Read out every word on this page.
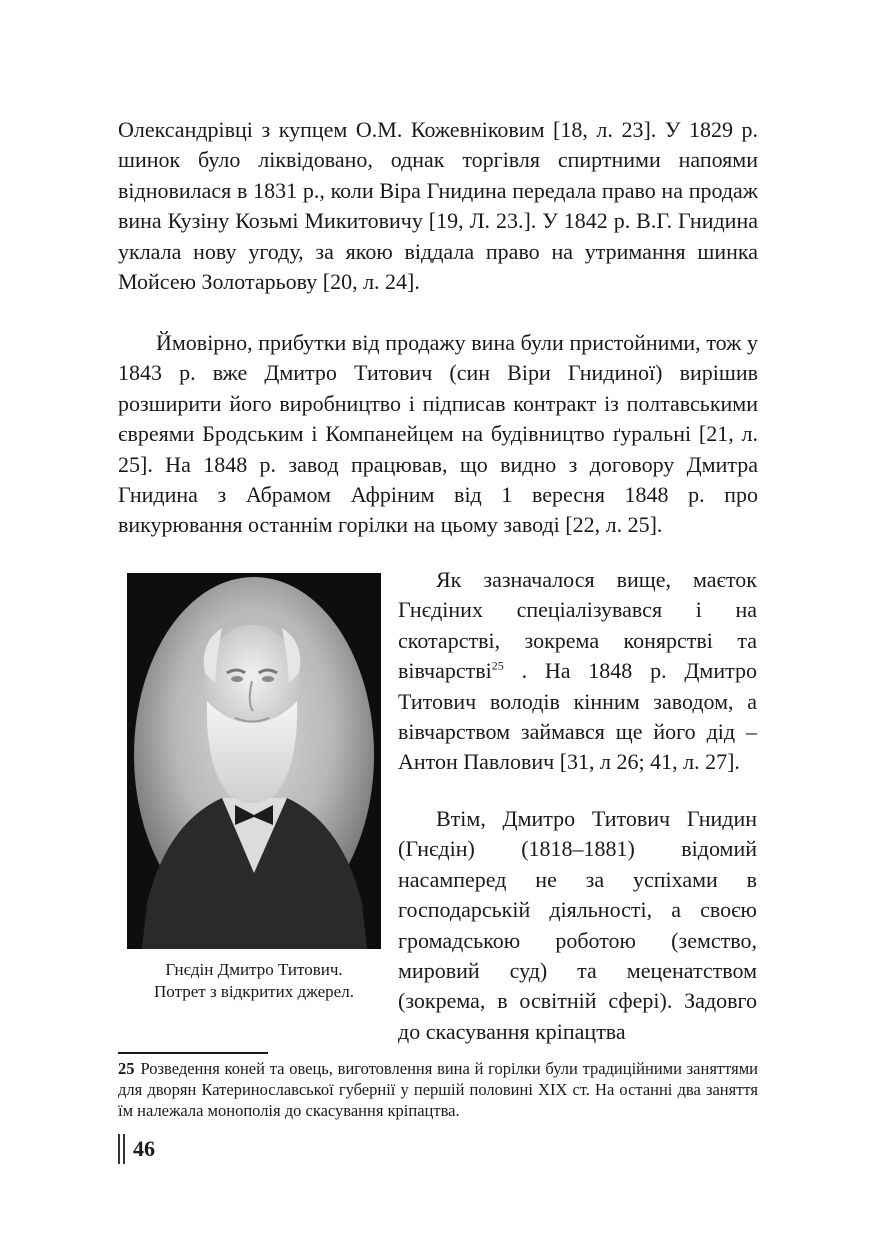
Олександрівці з купцем О.М. Кожевніковим [18, л. 23]. У 1829 р. шинок було ліквідовано, однак торгівля спиртними напоями відновилася в 1831 р., коли Віра Гнидина передала право на продаж вина Кузіну Козьмі Микитовичу [19, Л. 23.]. У 1842 р. В.Г. Гнидина уклала нову угоду, за якою віддала право на утримання шинка Мойсею Золотарьову [20, л. 24].

Ймовірно, прибутки від продажу вина були пристойними, тож у 1843 р. вже Дмитро Титович (син Віри Гнидиної) вирішив розширити його виробництво і підписав контракт із полтавськими євреями Бродським і Компанейцем на будівництво ґуральні [21, л. 25]. На 1848 р. завод працював, що видно з договору Дмитра Гнидина з Абрамом Афріним від 1 вересня 1848 р. про викурювання останнім горілки на цьому заводі [22, л. 25].

Гнєдін Дмитро Титович.
Потрет з відкритих джерел.

Як зазначалося вище, маєток Гнєдіних спеціалізувався і на скотарстві, зокрема конярстві та вівчарстві$^{25}$ . На 1848 р. Дмитро Титович володів кінним заводом, а вівчарством займався ще його дід – Антон Павлович [31, л 26; 41, л. 27].

Втім, Дмитро Титович Гнидин (Гнєдін) (1818–1881) відомий насамперед не за успіхами в господарській діяльності, а своєю громадською роботою (земство, мировий суд) та меценатством (зокрема, в освітній сфері). Задовго до скасування кріпацтва

25 Розведення коней та овець, виготовлення вина й горілки були традиційними заняттями для дворян Катеринославської губернії у першій половині XIX ст. На останні два заняття їм належала монополія до скасування кріпацтва.

46
